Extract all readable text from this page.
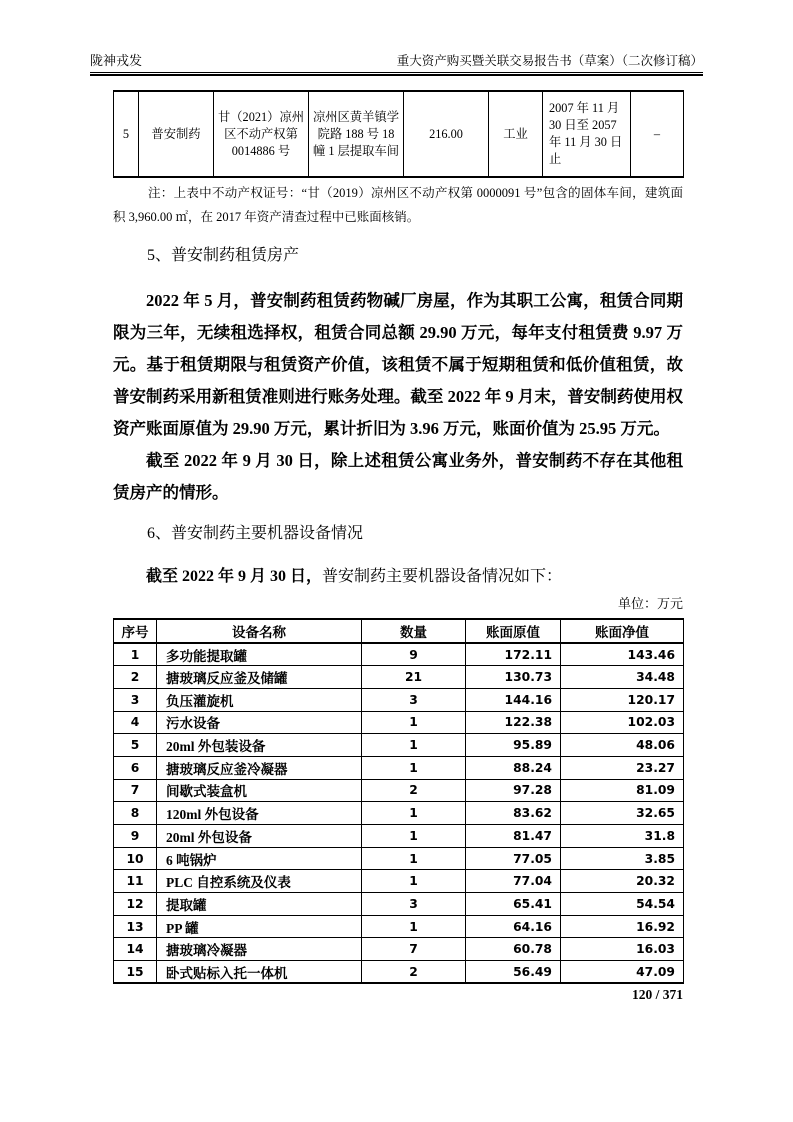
陇神戎发	重大资产购买暨关联交易报告书（草案）（二次修订稿）
5	普安制药	甘（2021）凉州区不动产权第 0014886 号	凉州区黄羊镇学院路 188 号 18 幢 1 层提取车间	216.00	工业	2007 年 11 月 30 日至 2057 年 11 月 30 日止	–

注：上表中不动产权证号：“甘（2019）凉州区不动产权第 0000091 号”包含的固体车间，建筑面积 3,960.00 ㎡，在 2017 年资产清查过程中已账面核销。

5、普安制药租赁房产

2022 年 5 月，普安制药租赁药物碱厂房屋，作为其职工公寓，租赁合同期限为三年，无续租选择权，租赁合同总额 29.90 万元，每年支付租赁费 9.97 万元。基于租赁期限与租赁资产价值，该租赁不属于短期租赁和低价值租赁，故普安制药采用新租赁准则进行账务处理。截至 2022 年 9 月末，普安制药使用权资产账面原值为 29.90 万元，累计折旧为 3.96 万元，账面价值为 25.95 万元。

截至 2022 年 9 月 30 日，除上述租赁公寓业务外，普安制药不存在其他租赁房产的情形。

6、普安制药主要机器设备情况

截至 2022 年 9 月 30 日，普安制药主要机器设备情况如下：

单位：万元
序号	设备名称	数量	账面原值	账面净值
1	多功能提取罐	9	172.11	143.46
2	搪玻璃反应釜及储罐	21	130.73	34.48
3	负压灌旋机	3	144.16	120.17
4	污水设备	1	122.38	102.03
5	20ml 外包装设备	1	95.89	48.06
6	搪玻璃反应釜冷凝器	1	88.24	23.27
7	间歇式装盒机	2	97.28	81.09
8	120ml 外包设备	1	83.62	32.65
9	20ml 外包设备	1	81.47	31.8
10	6 吨锅炉	1	77.05	3.85
11	PLC 自控系统及仪表	1	77.04	20.32
12	提取罐	3	65.41	54.54
13	PP 罐	1	64.16	16.92
14	搪玻璃冷凝器	7	60.78	16.03
15	卧式贴标入托一体机	2	56.49	47.09
120 / 371
